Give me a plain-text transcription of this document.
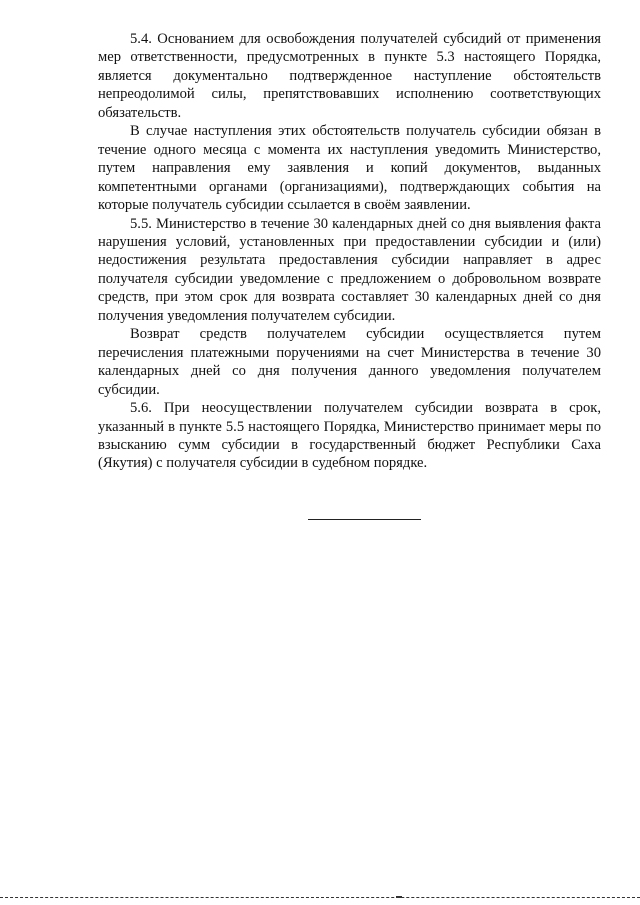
5.4. Основанием для освобождения получателей субсидий от применения мер ответственности, предусмотренных в пункте 5.3 настоящего Порядка, является документально подтвержденное наступление обстоятельств непреодолимой силы, препятствовавших исполнению соответствующих обязательств.

В случае наступления этих обстоятельств получатель субсидии обязан в течение одного месяца с момента их наступления уведомить Министерство, путем направления ему заявления и копий документов, выданных компетентными органами (организациями), подтверждающих события на которые получатель субсидии ссылается в своём заявлении.

5.5. Министерство в течение 30 календарных дней со дня выявления факта нарушения условий, установленных при предоставлении субсидии и (или) недостижения результата предоставления субсидии направляет в адрес получателя субсидии уведомление с предложением о добровольном возврате средств, при этом срок для возврата составляет 30 календарных дней со дня получения уведомления получателем субсидии.

Возврат средств получателем субсидии осуществляется путем перечисления платежными поручениями на счет Министерства в течение 30 календарных дней со дня получения данного уведомления получателем субсидии.

5.6. При неосуществлении получателем субсидии возврата в срок, указанный в пункте 5.5 настоящего Порядка, Министерство принимает меры по взысканию сумм субсидии в государственный бюджет Республики Саха (Якутия) с получателя субсидии в судебном порядке.
